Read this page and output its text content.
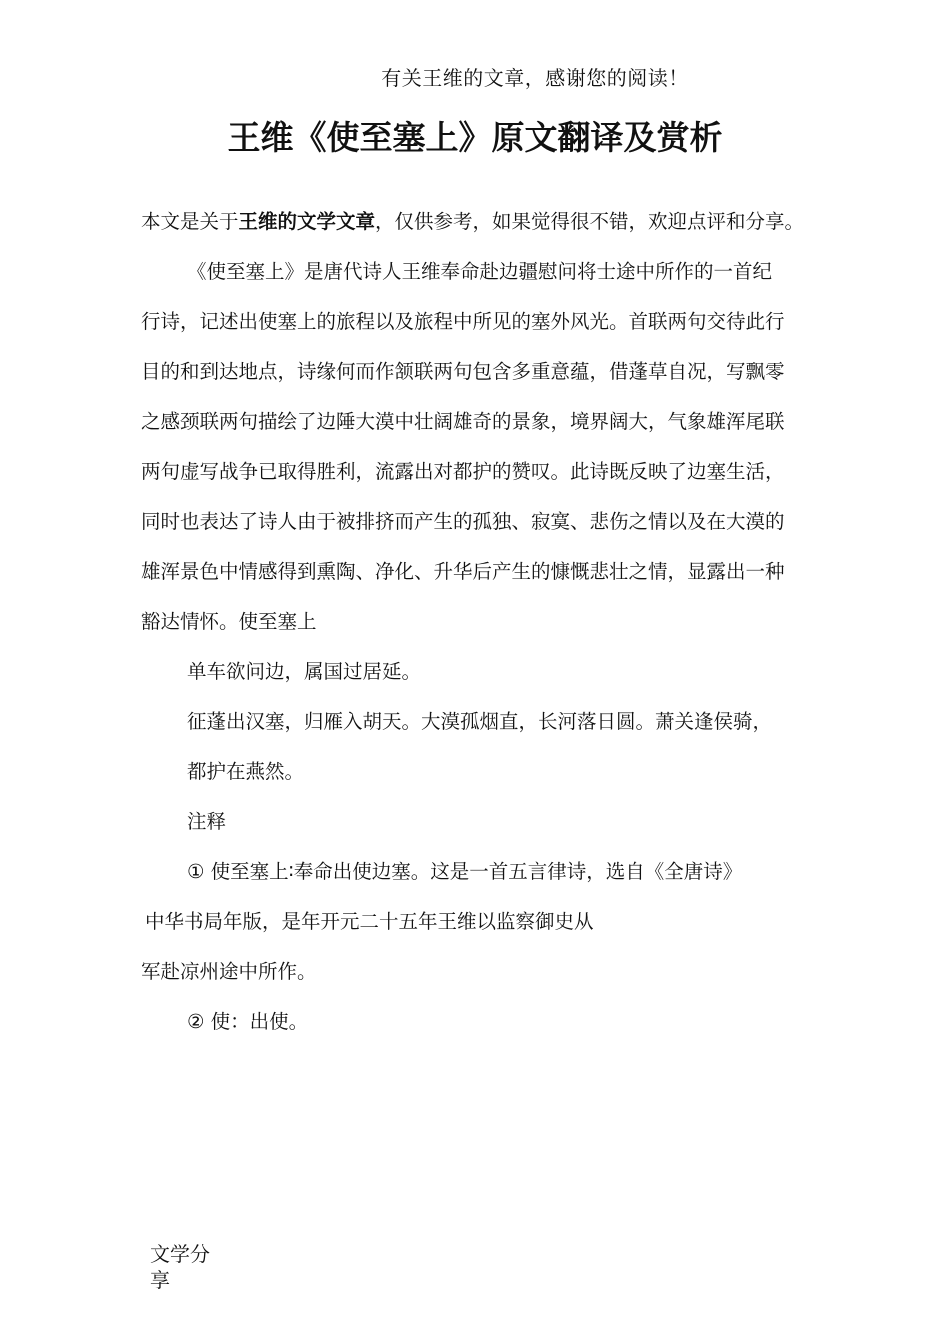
有关王维的文章，感谢您的阅读！
王维《使至塞上》原文翻译及赏析
本文是关于王维的文学文章，仅供参考，如果觉得很不错，欢迎点评和分享。
《使至塞上》是唐代诗人王维奉命赴边疆慰问将士途中所作的一首纪
行诗，记述出使塞上的旅程以及旅程中所见的塞外风光。首联两句交待此行
目的和到达地点，诗缘何而作颔联两句包含多重意蕴，借蓬草自况，写飘零
之感颈联两句描绘了边陲大漠中壮阔雄奇的景象，境界阔大，气象雄浑尾联
两句虚写战争已取得胜利，流露出对都护的赞叹。此诗既反映了边塞生活，
同时也表达了诗人由于被排挤而产生的孤独、寂寞、悲伤之情以及在大漠的
雄浑景色中情感得到熏陶、净化、升华后产生的慷慨悲壮之情，显露出一种
豁达情怀。使至塞上
单车欲问边，属国过居延。
征蓬出汉塞，归雁入胡天。大漠孤烟直，长河落日圆。萧关逢侯骑，
都护在燕然。
注释
① 使至塞上∶奉命出使边塞。这是一首五言律诗，选自《全唐诗》
中华书局年版，是年开元二十五年王维以监察御史从
军赴凉州途中所作。
② 使：出使。
文学分享
